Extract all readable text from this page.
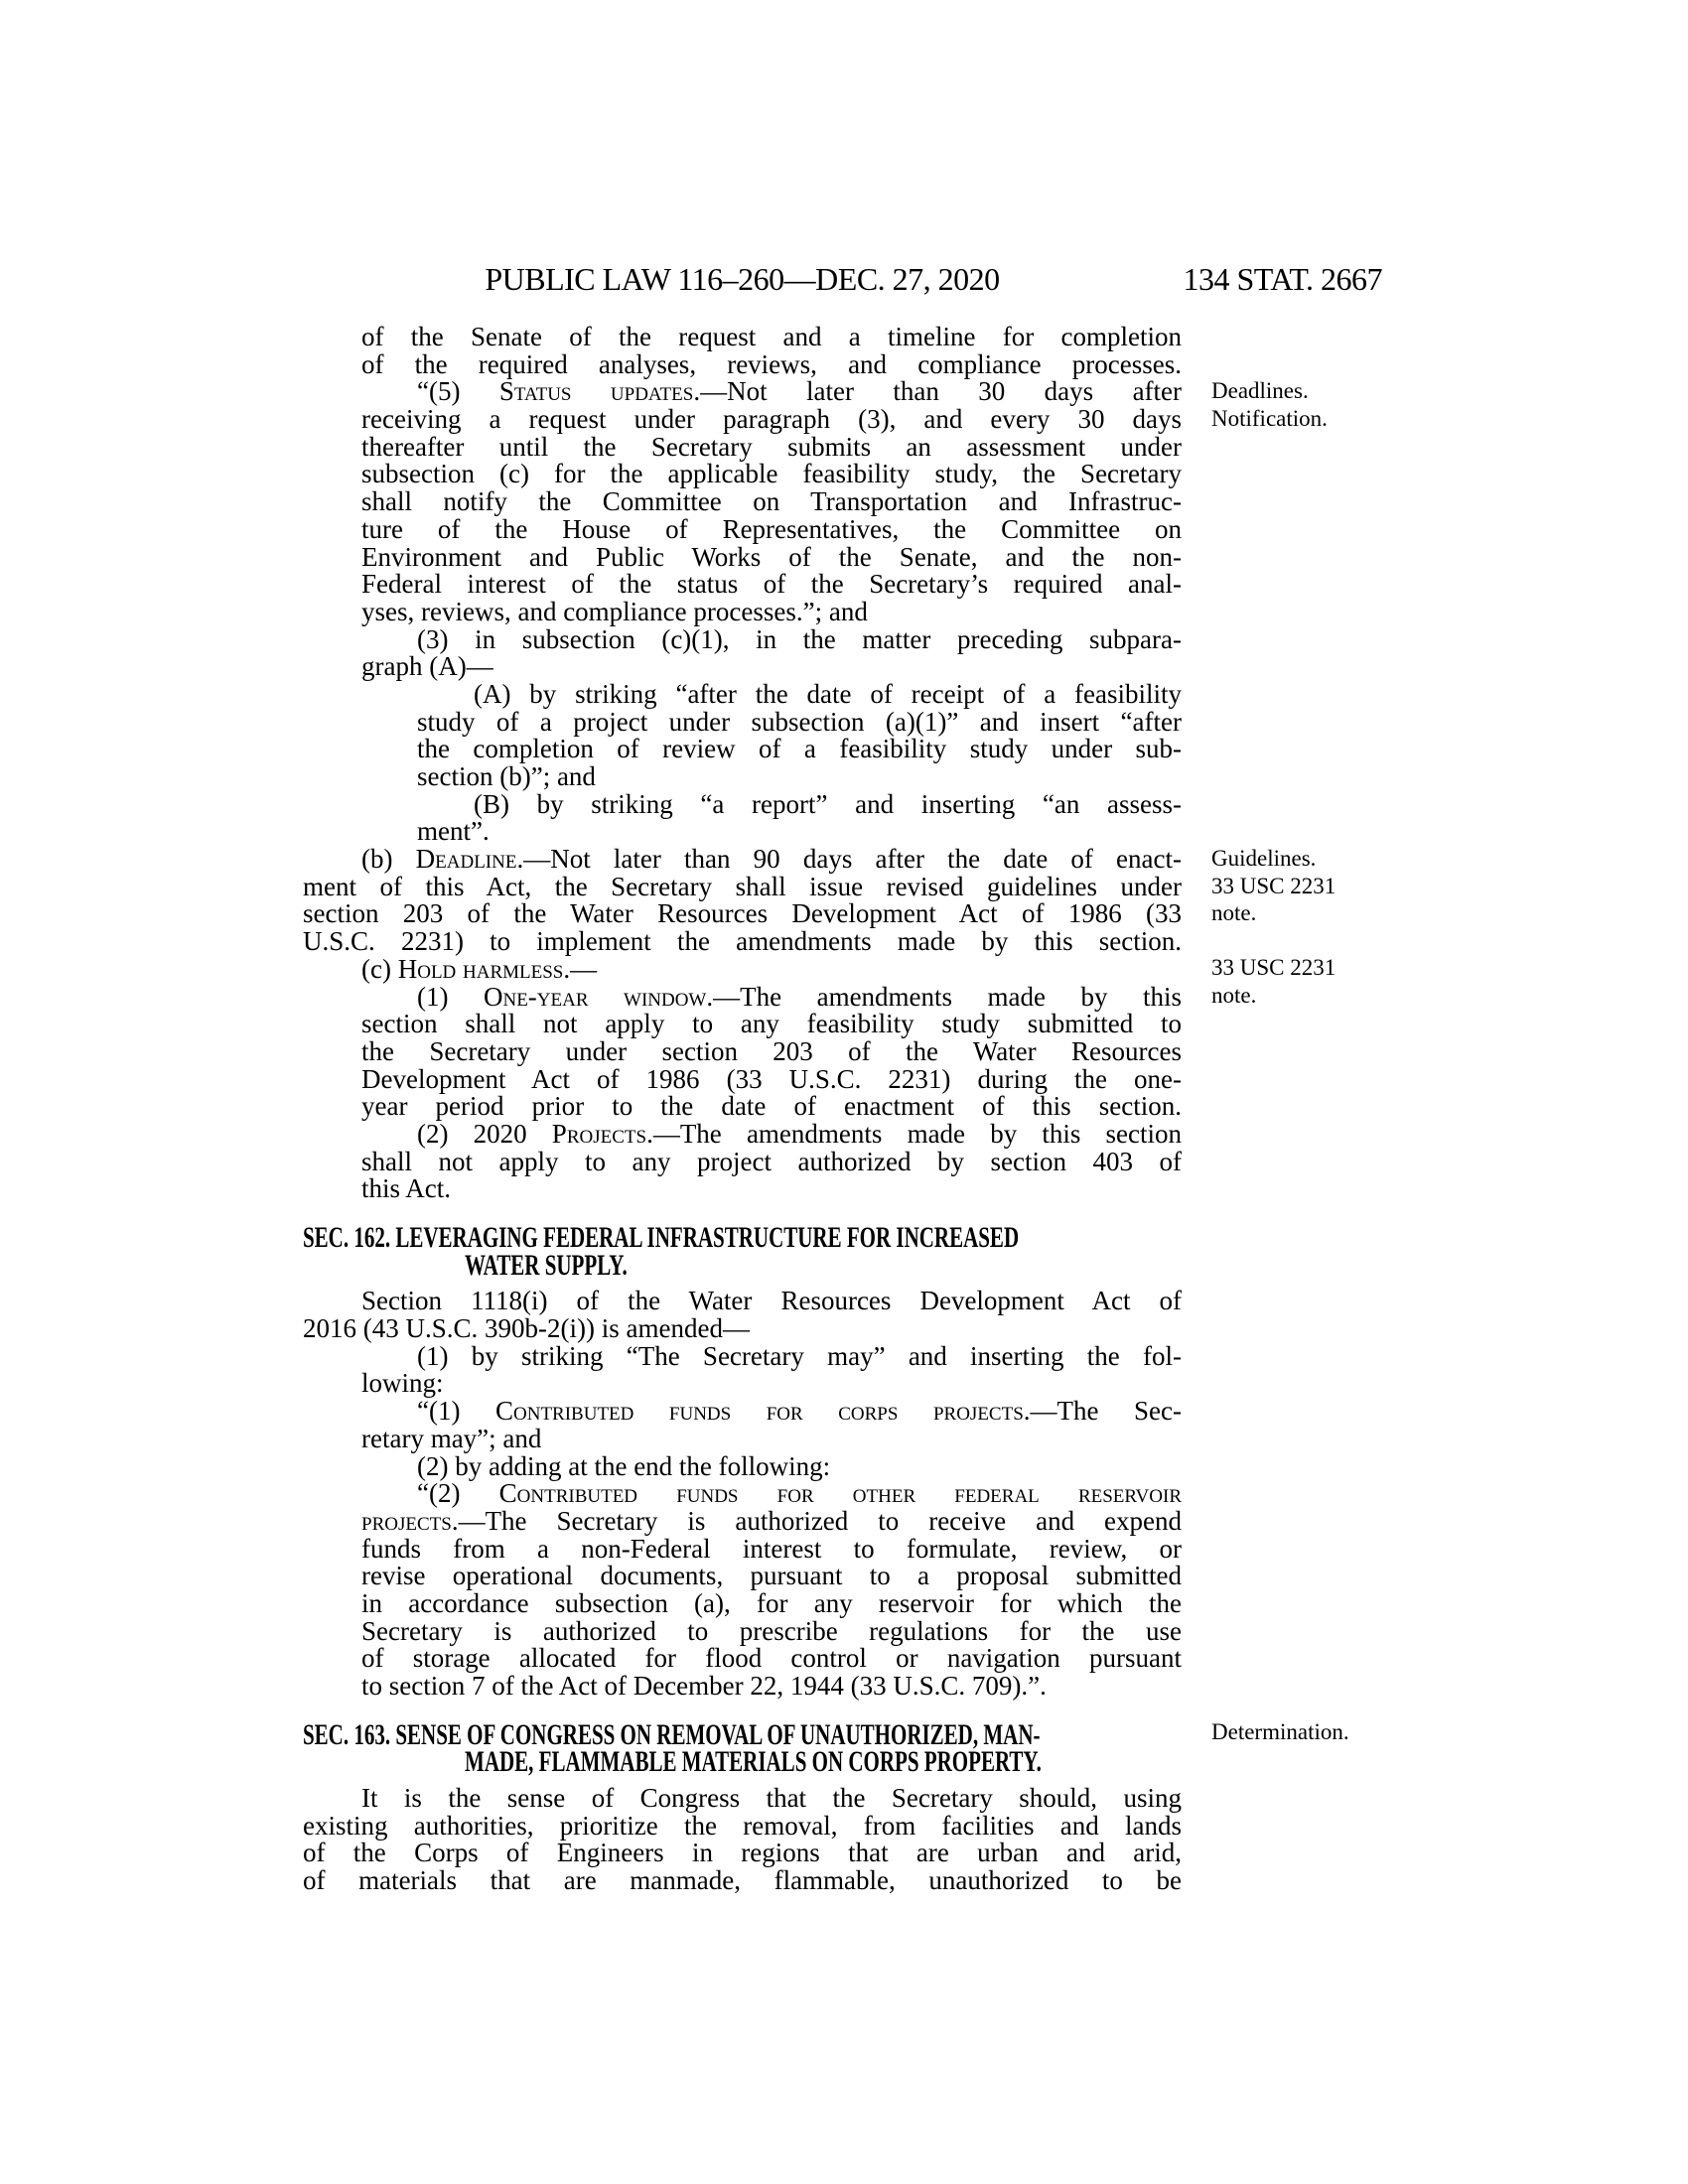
PUBLIC LAW 116–260—DEC. 27, 2020	134 STAT. 2667
of the Senate of the request and a timeline for completion
of the required analyses, reviews, and compliance processes.
“(5) Status updates.—Not later than 30 days after
receiving a request under paragraph (3), and every 30 days
thereafter until the Secretary submits an assessment under
subsection (c) for the applicable feasibility study, the Secretary
shall notify the Committee on Transportation and Infrastruc-
ture of the House of Representatives, the Committee on
Environment and Public Works of the Senate, and the non-
Federal interest of the status of the Secretary’s required anal-
yses, reviews, and compliance processes.”; and
(3) in subsection (c)(1), in the matter preceding subpara-
graph (A)—
(A) by striking “after the date of receipt of a feasibility
study of a project under subsection (a)(1)” and insert “after
the completion of review of a feasibility study under sub-
section (b)”; and
(B) by striking “a report” and inserting “an assess-
ment”.
(b) Deadline.—Not later than 90 days after the date of enact-
ment of this Act, the Secretary shall issue revised guidelines under
section 203 of the Water Resources Development Act of 1986 (33
U.S.C. 2231) to implement the amendments made by this section.
(c) Hold harmless.—
(1) One-year window.—The amendments made by this
section shall not apply to any feasibility study submitted to
the Secretary under section 203 of the Water Resources
Development Act of 1986 (33 U.S.C. 2231) during the one-
year period prior to the date of enactment of this section.
(2) 2020 Projects.—The amendments made by this section
shall not apply to any project authorized by section 403 of
this Act.
SEC. 162. LEVERAGING FEDERAL INFRASTRUCTURE FOR INCREASED
WATER SUPPLY.
Section 1118(i) of the Water Resources Development Act of
2016 (43 U.S.C. 390b-2(i)) is amended—
(1) by striking “The Secretary may” and inserting the fol-
lowing:
“(1) Contributed funds for corps projects.—The Sec-
retary may”; and
(2) by adding at the end the following:
“(2) Contributed funds for other federal reservoir
projects.—The Secretary is authorized to receive and expend
funds from a non-Federal interest to formulate, review, or
revise operational documents, pursuant to a proposal submitted
in accordance subsection (a), for any reservoir for which the
Secretary is authorized to prescribe regulations for the use
of storage allocated for flood control or navigation pursuant
to section 7 of the Act of December 22, 1944 (33 U.S.C. 709).”.
SEC. 163. SENSE OF CONGRESS ON REMOVAL OF UNAUTHORIZED, MAN-
MADE, FLAMMABLE MATERIALS ON CORPS PROPERTY.
It is the sense of Congress that the Secretary should, using
existing authorities, prioritize the removal, from facilities and lands
of the Corps of Engineers in regions that are urban and arid,
of materials that are manmade, flammable, unauthorized to be
Deadlines.
Notification.
Guidelines.
33 USC 2231
note.
33 USC 2231
note.
Determination.
